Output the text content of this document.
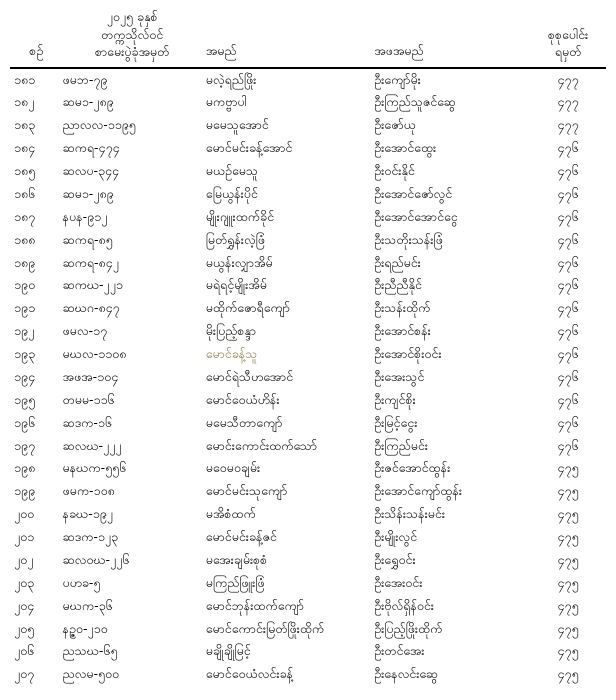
စဉ်	၂၀၂၅ ခုနှစ်
တက္ကသိုလ်ဝင်
စာမေးပွဲခုံအမှတ်	အမည်	အဖအမည်	စုစုပေါင်း
ရမှတ်

၁၈၁	ဖမဘ-၇၉	မလဲ့ရည်ဖြိုး	ဦးကျော်မိုး	၄၇၇
၁၈၂	ဆမ၁-၂၈၉	မကဗ္ဗာပါ	ဦးကြည်သူဇင်ဆွေ	၄၇၇
၁၈၃	ညာလလ-၁၁၉၅	မမေသူအောင်	ဦးဇော်ယု	၄၇၇
၁၈၄	ဆကရ-၄၇၄	မောင်မင်းခန့်အောင်	ဦးအောင်ထွေး	၄၇၆
၁၈၅	ဆလပ-၃၄၄	မယဉ်မေသူ	ဦးဝင်းနိုင်	၄၇၆
၁၈၆	ဆမ၁-၂၈၉	မြေယွန်းပိုင်	ဦးအောင်ဇော်လွင်	၄၇၆
၁၈၇	နပန-၉၁၂	မျိုးဂျူးထက်ခိုင်	ဦးအောင်အောင်ငွေ	၄၇၆
၁၈၈	ဆကရ-၈၅	မြတ်ရွှန်းလဲ့ဖြံ	ဦးသတိုးသန်းဖြံ	၄၇၆
၁၈၉	ဆကရ-၈၄၂	မယွန်းလျှာအိမ်	ဦးရည်မင်း	၄၇၆
၁၉၀	ဆကဃ-၂၂၁	မရဲရင့်မျိုးအိမ်	ဦးညီညီနိုင်	၄၇၆
၁၉၁	ဆဃဂ-၈၄၇	မထိုက်ဇောရီကျော်	ဦးသန်းထိုက်	၄၇၆
၁၉၂	ဖမလ-၁၇	မိုးပြည့်စန္ဒာ	ဦးအောင်စန်း	၄၇၆
၁၉၃	မဃလ-၁၁၀၈	မောင်ခန့်သူ	ဦးအောင်စိုးဝင်း	၄၇၆
၁၉၄	အဖအ-၁၀၄	မောင်ရဲသီဟအောင်	ဦးအေးသွင်	၄၇၆
၁၉၅	တမမ-၁၁၆	မောင်ဝေယံဟိန်း	ဦးကျင်စိုး	၄၇၆
၁၉၆	ဆဒက-၁၆	မမေသီတာကျော်	ဦးမြင့်ငွေး	၄၇၆
၁၉၇	ဆလဃ-၂၂၂	မောင်းကောင်းထက်သော်	ဦးကြည်မင်း	၄၇၆
၁၉၈	မနဃက-၅၅၆	မဝေမဝချမ်း	ဦးဇင်အောင်ထွန်း	၄၇၅
၁၉၉	ဖမက-၁၀၈	မောင်မင်းသုကျော်	ဦးအောင်ကျော်ထွန်း	၄၇၅
၂၀၀	နခဃ-၁၉၂	မအိစံထက်	ဦးသိန်းသန်းမင်း	၄၇၅
၂၀၁	ဆဒက-၁၂၃	မောင်မင်းခန့်ဇင်	ဦးမျိုးလွင်	၄၇၅
၂၀၂	ဆလဝဃ-၂၂၆	မအေးချမ်းစုစံ	ဦးရွှေဝင်း	၄၇၅
၂၀၃	ပဟခ-၅	မကြည်ဖြူးဖြံ	ဦးအေးဝင်း	၄၇၅
၂၀၄	မဃက-၃၆	မောင်ဘုန်းထက်ကျော်	ဦးဗိုလ်ရှိန်ဝင်း	၄၇၅
၂၀၅	နဉ္ဇဝ-၂၁၀	မောင်ကောင်းမြတ်ဖြိုးထိုက်	ဦးပြည့်ဖြိုးထိုက်	၄၇၅
၂၀၆	ညသဃ-၆၅	မချိုချိုမြင့်	ဦးတင်အေး	၄၇၅
၂၀၇	ညလမ-၅၀၀	မောင်ဝေယံလင်းခန့်	ဦးနေလင်းဆွေ	၄၇၅
